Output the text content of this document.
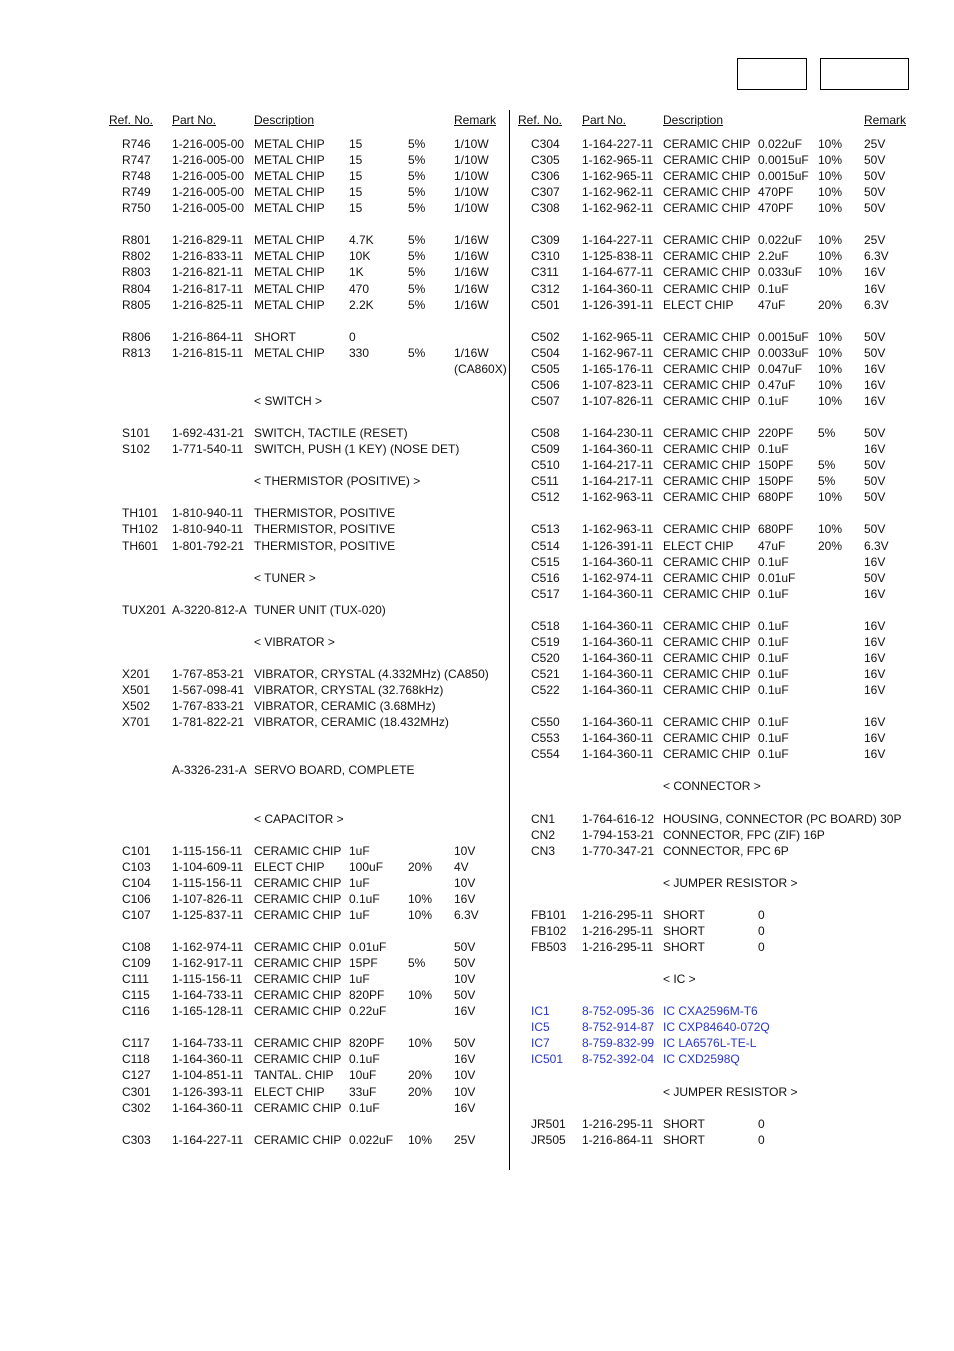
Ref. No. Part No.	Description	Remark
R746 1-216-005-00 METAL CHIP 15	5% 1/10W
R747 1-216-005-00 METAL CHIP 15	5% 1/10W
R748 1-216-005-00 METAL CHIP 15	5% 1/10W
R749 1-216-005-00 METAL CHIP 15	5% 1/10W
R750 1-216-005-00 METAL CHIP 15	5% 1/10W
R801 1-216-829-11 METAL CHIP 4.7K	5% 1/16W
R802 1-216-833-11 METAL CHIP 10K	5% 1/16W
R803 1-216-821-11 METAL CHIP 1K	5% 1/16W
R804 1-216-817-11 METAL CHIP 470	5% 1/16W
R805 1-216-825-11 METAL CHIP 2.2K	5% 1/16W
R806 1-216-864-11 SHORT	0
R813 1-216-815-11 METAL CHIP 330	5% 1/16W
(CA860X)
< SWITCH >
S101 1-692-431-21 SWITCH, TACTILE (RESET)
S102 1-771-540-11 SWITCH, PUSH (1 KEY) (NOSE DET)
< THERMISTOR (POSITIVE) >
TH101 1-810-940-11 THERMISTOR, POSITIVE
TH102 1-810-940-11 THERMISTOR, POSITIVE
TH601 1-801-792-21 THERMISTOR, POSITIVE
< TUNER >
TUX201 A-3220-812-A TUNER UNIT (TUX-020)
< VIBRATOR >
X201 1-767-853-21 VIBRATOR, CRYSTAL (4.332MHz) (CA850)
X501 1-567-098-41 VIBRATOR, CRYSTAL (32.768kHz)
X502 1-767-833-21 VIBRATOR, CERAMIC (3.68MHz)
X701 1-781-822-21 VIBRATOR, CERAMIC (18.432MHz)
A-3326-231-A SERVO BOARD, COMPLETE
< CAPACITOR >
C101 1-115-156-11 CERAMIC CHIP 1uF	10V
C103 1-104-609-11 ELECT CHIP 100uF 20% 4V
C104 1-115-156-11 CERAMIC CHIP 1uF	10V
C106 1-107-826-11 CERAMIC CHIP 0.1uF 10% 16V
C107 1-125-837-11 CERAMIC CHIP 1uF	10% 6.3V
C108 1-162-974-11 CERAMIC CHIP 0.01uF	50V
C109 1-162-917-11 CERAMIC CHIP 15PF	5% 50V
C111 1-115-156-11 CERAMIC CHIP 1uF	10V
C115 1-164-733-11 CERAMIC CHIP 820PF 10% 50V
C116 1-165-128-11 CERAMIC CHIP 0.22uF	16V
C117 1-164-733-11 CERAMIC CHIP 820PF 10% 50V
C118 1-164-360-11 CERAMIC CHIP 0.1uF	16V
C127 1-104-851-11 TANTAL. CHIP 10uF	20% 10V
C301 1-126-393-11 ELECT CHIP 33uF	20% 10V
C302 1-164-360-11 CERAMIC CHIP 0.1uF	16V
C303 1-164-227-11 CERAMIC CHIP 0.022uF 10% 25V
Ref. No. Part No.	Description	Remark
C304 1-164-227-11 CERAMIC CHIP 0.022uF 10% 25V
C305 1-162-965-11 CERAMIC CHIP 0.0015uF 10% 50V
C306 1-162-965-11 CERAMIC CHIP 0.0015uF 10% 50V
C307 1-162-962-11 CERAMIC CHIP 470PF 10% 50V
C308 1-162-962-11 CERAMIC CHIP 470PF 10% 50V
C309 1-164-227-11 CERAMIC CHIP 0.022uF 10% 25V
C310 1-125-838-11 CERAMIC CHIP 2.2uF 10% 6.3V
C311 1-164-677-11 CERAMIC CHIP 0.033uF 10% 16V
C312 1-164-360-11 CERAMIC CHIP 0.1uF	16V
C501 1-126-391-11 ELECT CHIP 47uF	20% 6.3V
C502 1-162-965-11 CERAMIC CHIP 0.0015uF 10% 50V
C504 1-162-967-11 CERAMIC CHIP 0.0033uF 10% 50V
C505 1-165-176-11 CERAMIC CHIP 0.047uF 10% 16V
C506 1-107-823-11 CERAMIC CHIP 0.47uF 10% 16V
C507 1-107-826-11 CERAMIC CHIP 0.1uF 10% 16V
C508 1-164-230-11 CERAMIC CHIP 220PF 5% 50V
C509 1-164-360-11 CERAMIC CHIP 0.1uF	16V
C510 1-164-217-11 CERAMIC CHIP 150PF 5% 50V
C511 1-164-217-11 CERAMIC CHIP 150PF 5% 50V
C512 1-162-963-11 CERAMIC CHIP 680PF 10% 50V
C513 1-162-963-11 CERAMIC CHIP 680PF 10% 50V
C514 1-126-391-11 ELECT CHIP 47uF	20% 6.3V
C515 1-164-360-11 CERAMIC CHIP 0.1uF	16V
C516 1-162-974-11 CERAMIC CHIP 0.01uF	50V
C517 1-164-360-11 CERAMIC CHIP 0.1uF	16V
C518 1-164-360-11 CERAMIC CHIP 0.1uF	16V
C519 1-164-360-11 CERAMIC CHIP 0.1uF	16V
C520 1-164-360-11 CERAMIC CHIP 0.1uF	16V
C521 1-164-360-11 CERAMIC CHIP 0.1uF	16V
C522 1-164-360-11 CERAMIC CHIP 0.1uF	16V
C550 1-164-360-11 CERAMIC CHIP 0.1uF	16V
C553 1-164-360-11 CERAMIC CHIP 0.1uF	16V
C554 1-164-360-11 CERAMIC CHIP 0.1uF	16V
< CONNECTOR >
CN1 1-764-616-12 HOUSING, CONNECTOR (PC BOARD) 30P
CN2 1-794-153-21 CONNECTOR, FPC (ZIF) 16P
CN3 1-770-347-21 CONNECTOR, FPC 6P
< JUMPER RESISTOR >
FB101 1-216-295-11 SHORT	0
FB102 1-216-295-11 SHORT	0
FB503 1-216-295-11 SHORT	0
< IC >
IC1	8-752-095-36 IC CXA2596M-T6
IC5	8-752-914-87 IC CXP84640-072Q
IC7	8-759-832-99 IC LA6576L-TE-L
IC501 8-752-392-04 IC CXD2598Q
< JUMPER RESISTOR >
JR501 1-216-295-11 SHORT	0
JR505 1-216-864-11 SHORT	0
